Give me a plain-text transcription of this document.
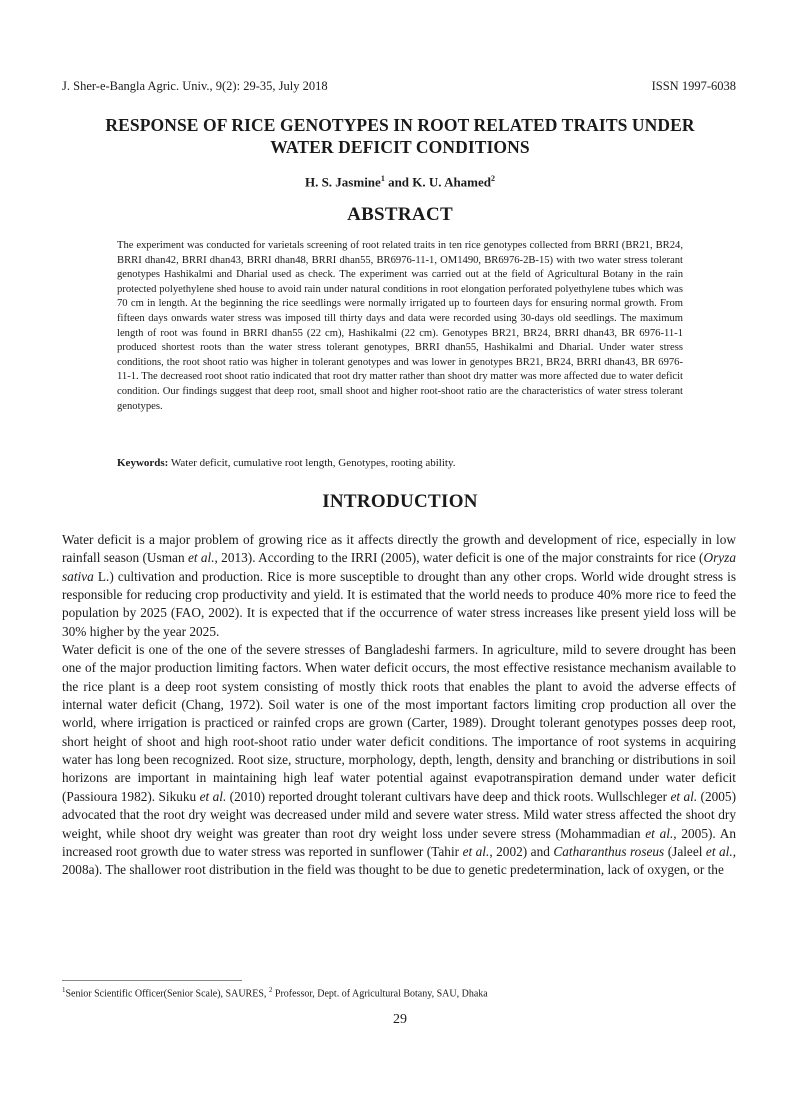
J. Sher-e-Bangla Agric. Univ., 9(2): 29-35, July 2018	ISSN 1997-6038
RESPONSE OF RICE GENOTYPES IN ROOT RELATED TRAITS UNDER
WATER DEFICIT CONDITIONS
H. S. Jasmine$^1$ and K. U. Ahamed$^2$
ABSTRACT
The experiment was conducted for varietals screening of root related traits in ten rice genotypes collected from BRRI (BR21, BR24, BRRI dhan42, BRRI dhan43, BRRI dhan48, BRRI dhan55, BR6976-11-1, OM1490, BR6976-2B-15) with two water stress tolerant genotypes Hashikalmi and Dharial used as check. The experiment was carried out at the field of Agricultural Botany in the rain protected polyethylene shed house to avoid rain under natural conditions in root elongation perforated polyethylene tubes which was 70 cm in length. At the beginning the rice seedlings were normally irrigated up to fourteen days for ensuring normal growth. From fifteen days onwards water stress was imposed till thirty days and data were recorded using 30-days old seedlings. The maximum length of root was found in BRRI dhan55 (22 cm), Hashikalmi (22 cm). Genotypes BR21, BR24, BRRI dhan43, BR 6976-11-1 produced shortest roots than the water stress tolerant genotypes, BRRI dhan55, Hashikalmi and Dharial. Under water stress conditions, the root shoot ratio was higher in tolerant genotypes and was lower in genotypes BR21, BR24, BRRI dhan43, BR 6976-11-1. The decreased root shoot ratio indicated that root dry matter rather than shoot dry matter was more affected due to water deficit condition. Our findings suggest that deep root, small shoot and higher root-shoot ratio are the characteristics of water stress tolerant genotypes.
Keywords: Water deficit, cumulative root length, Genotypes, rooting ability.
INTRODUCTION

Water deficit is a major problem of growing rice as it affects directly the growth and development of rice, especially in low rainfall season (Usman et al., 2013). According to the IRRI (2005), water deficit is one of the major constraints for rice (Oryza sativa L.) cultivation and production. Rice is more susceptible to drought than any other crops. World wide drought stress is responsible for reducing crop productivity and yield. It is estimated that the world needs to produce 40% more rice to feed the population by 2025 (FAO, 2002). It is expected that if the occurrence of water stress increases like present yield loss will be 30% higher by the year 2025.

Water deficit is one of the one of the severe stresses of Bangladeshi farmers. In agriculture, mild to severe drought has been one of the major production limiting factors. When water deficit occurs, the most effective resistance mechanism available to the rice plant is a deep root system consisting of mostly thick roots that enables the plant to avoid the adverse effects of internal water deficit (Chang, 1972). Soil water is one of the most important factors limiting crop production all over the world, where irrigation is practiced or rainfed crops are grown (Carter, 1989). Drought tolerant genotypes posses deep root, short height of shoot and high root-shoot ratio under water deficit conditions. The importance of root systems in acquiring water has long been recognized. Root size, structure, morphology, depth, length, density and branching or distributions in soil horizons are important in maintaining high leaf water potential against evapotranspiration demand under water deficit (Passioura 1982). Sikuku et al. (2010) reported drought tolerant cultivars have deep and thick roots. Wullschleger et al. (2005) advocated that the root dry weight was decreased under mild and severe water stress. Mild water stress affected the shoot dry weight, while shoot dry weight was greater than root dry weight loss under severe stress (Mohammadian et al., 2005). An increased root growth due to water stress was reported in sunflower (Tahir et al., 2002) and Catharanthus roseus (Jaleel et al., 2008a). The shallower root distribution in the field was thought to be due to genetic predetermination, lack of oxygen, or the

$^1$Senior Scientific Officer(Senior Scale), SAURES, $^2$ Professor, Dept. of Agricultural Botany, SAU, Dhaka
29
